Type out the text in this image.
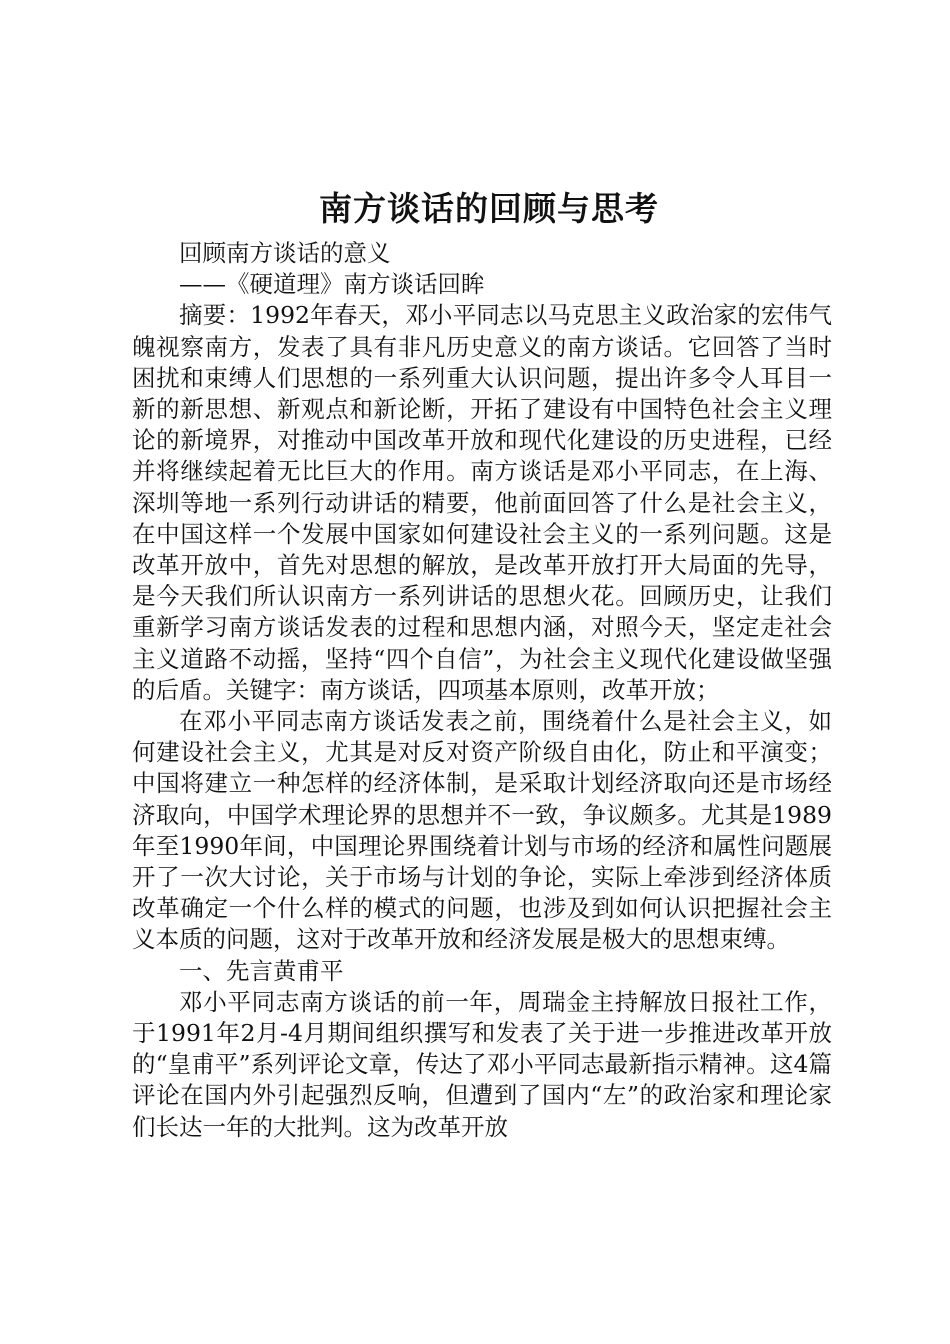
南方谈话的回顾与思考

回顾南方谈话的意义

——《硬道理》南方谈话回眸

摘要：1992年春天，邓小平同志以马克思主义政治家的宏伟气魄视察南方，发表了具有非凡历史意义的南方谈话。它回答了当时困扰和束缚人们思想的一系列重大认识问题，提出许多令人耳目一新的新思想、新观点和新论断，开拓了建设有中国特色社会主义理论的新境界，对推动中国改革开放和现代化建设的历史进程，已经并将继续起着无比巨大的作用。南方谈话是邓小平同志，在上海、深圳等地一系列行动讲话的精要，他前面回答了什么是社会主义，在中国这样一个发展中国家如何建设社会主义的一系列问题。这是改革开放中，首先对思想的解放，是改革开放打开大局面的先导，是今天我们所认识南方一系列讲话的思想火花。回顾历史，让我们重新学习南方谈话发表的过程和思想内涵，对照今天，坚定走社会主义道路不动摇，坚持“四个自信”，为社会主义现代化建设做坚强的后盾。关键字：南方谈话，四项基本原则，改革开放；

在邓小平同志南方谈话发表之前，围绕着什么是社会主义，如何建设社会主义，尤其是对反对资产阶级自由化，防止和平演变；中国将建立一种怎样的经济体制，是采取计划经济取向还是市场经济取向，中国学术理论界的思想并不一致，争议颇多。尤其是1989年至1990年间，中国理论界围绕着计划与市场的经济和属性问题展开了一次大讨论，关于市场与计划的争论，实际上牵涉到经济体质改革确定一个什么样的模式的问题，也涉及到如何认识把握社会主义本质的问题，这对于改革开放和经济发展是极大的思想束缚。

一、先言黄甫平

邓小平同志南方谈话的前一年，周瑞金主持解放日报社工作，于1991年2月-4月期间组织撰写和发表了关于进一步推进改革开放的“皇甫平”系列评论文章，传达了邓小平同志最新指示精神。这4篇评论在国内外引起强烈反响，但遭到了国内“左”的政治家和理论家们长达一年的大批判。这为改革开放
